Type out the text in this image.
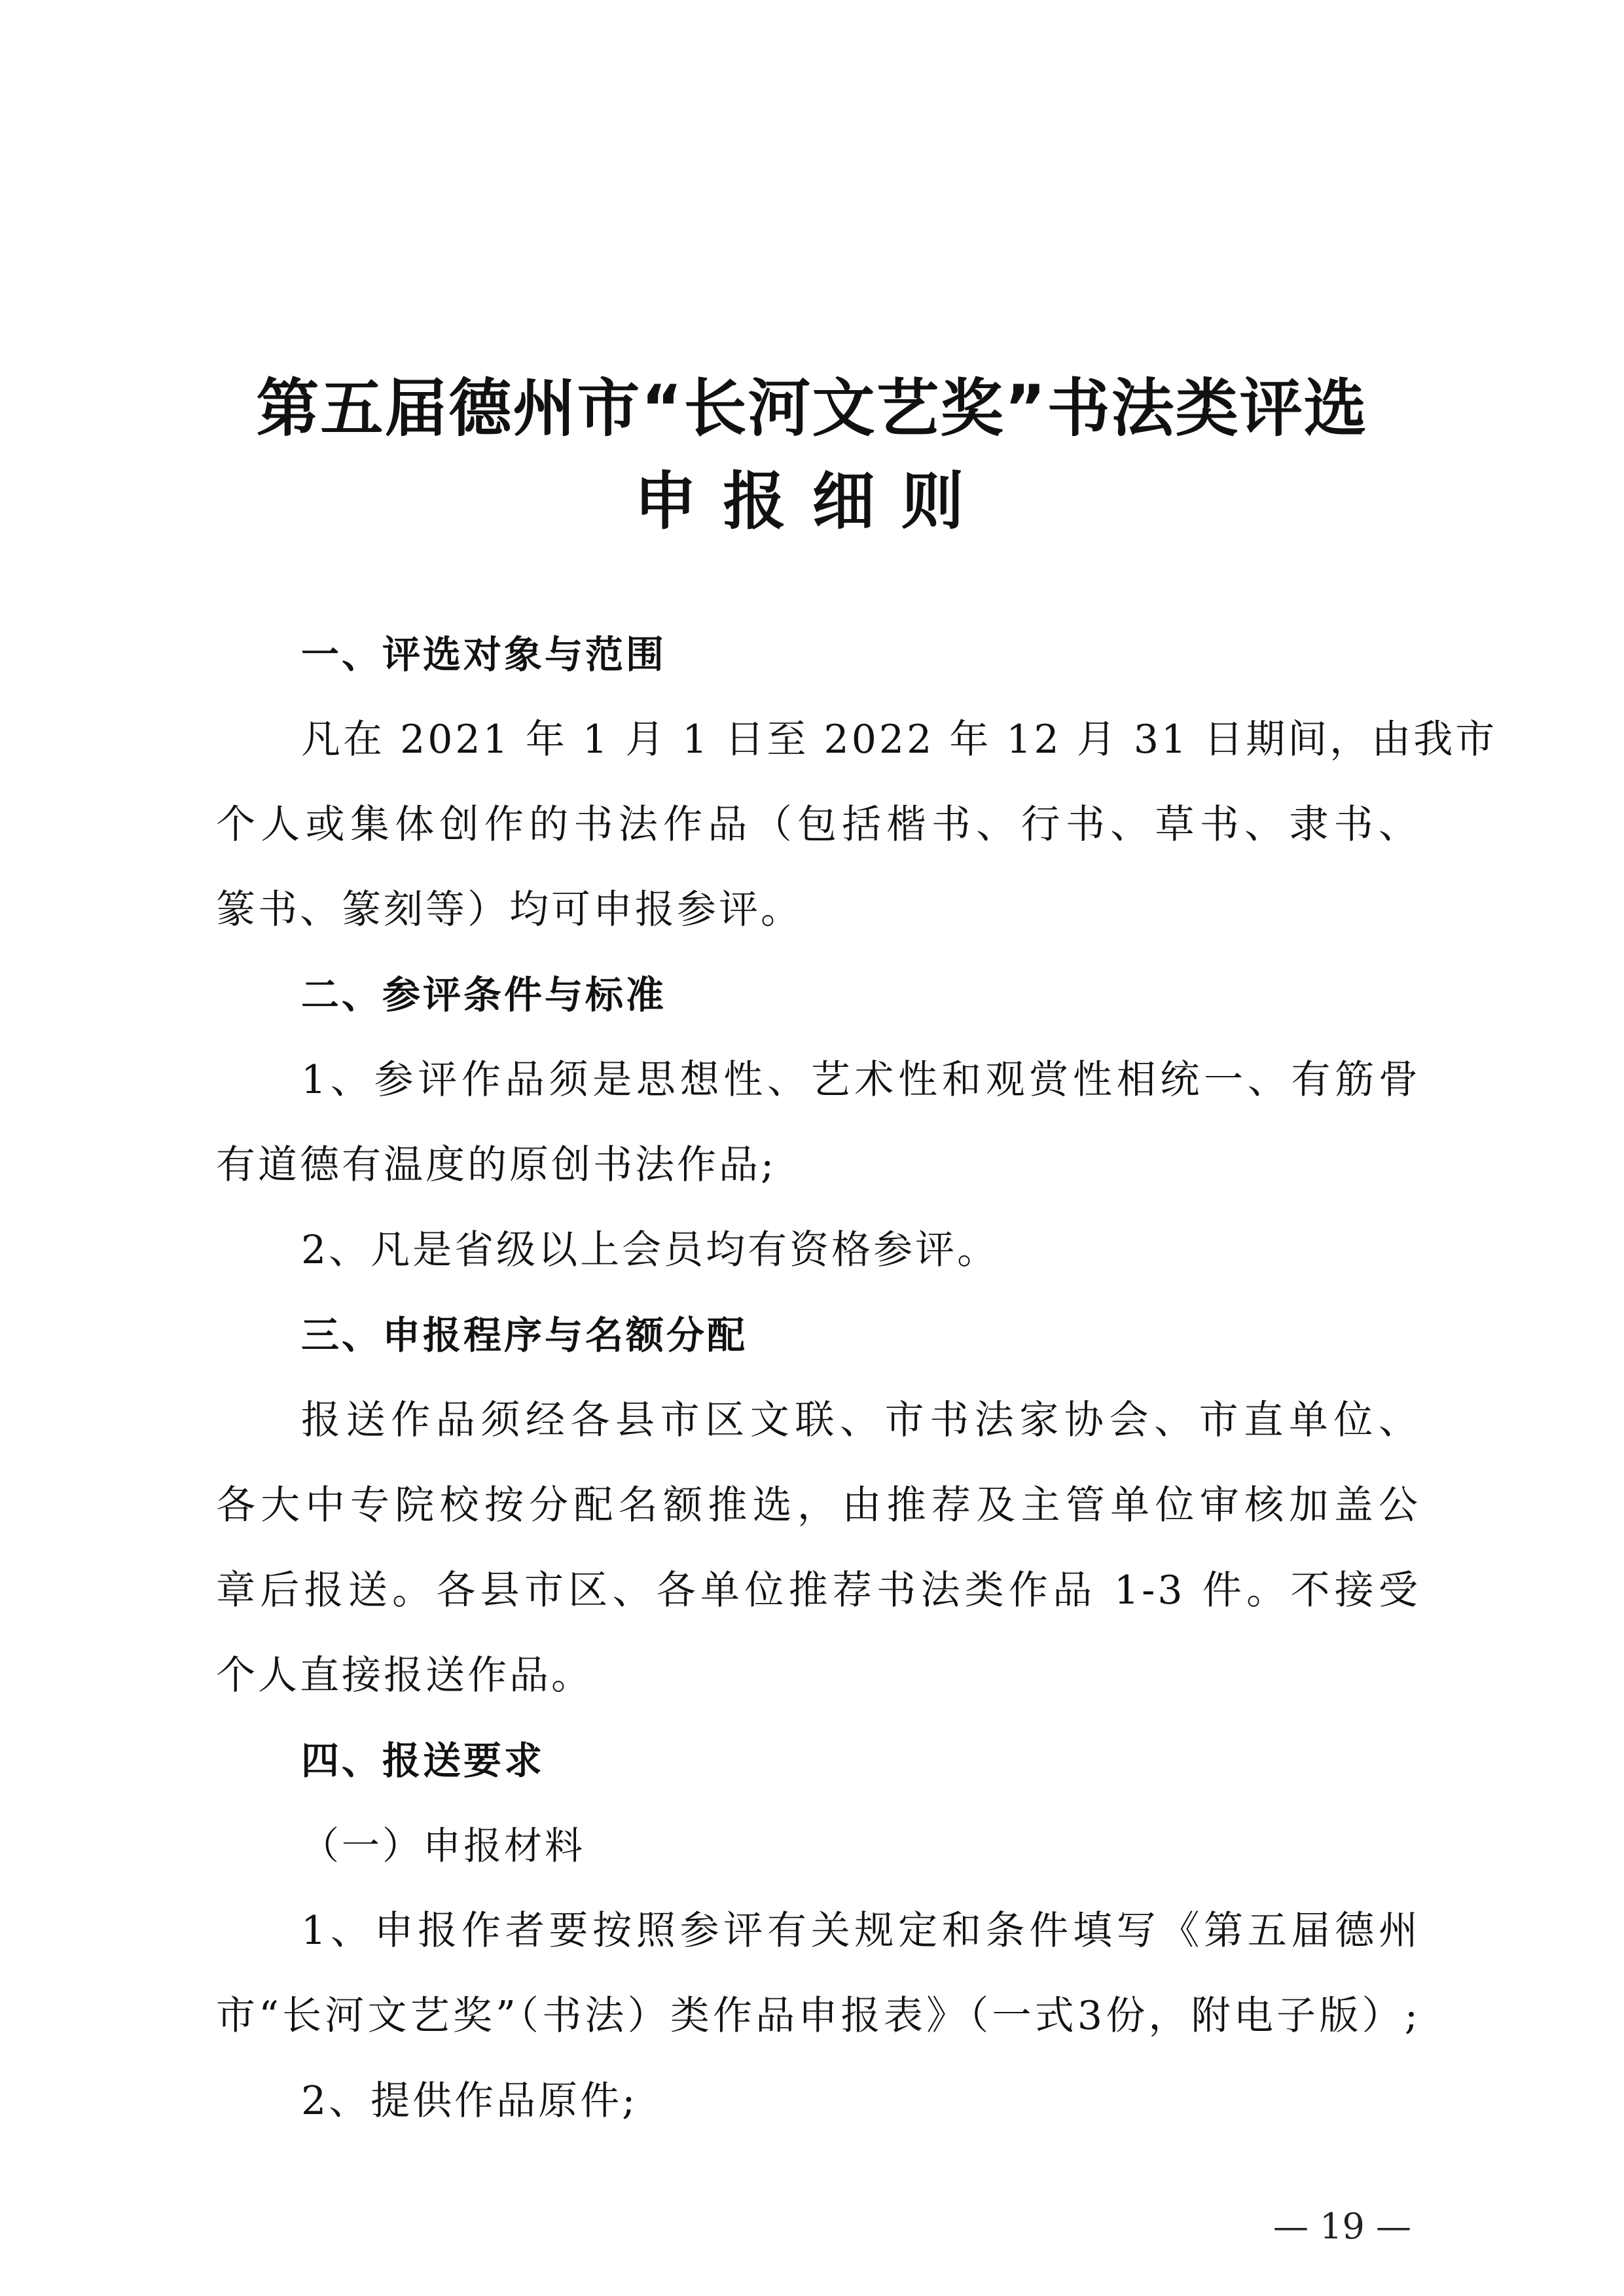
第五届德州市“长河文艺奖”书法类评选
申报细则
一、评选对象与范围
凡在 2021 年 1 月 1 日至 2022 年 12 月 31 日期间，由我市
个人或集体创作的书法作品（包括楷书、行书、草书、隶书、
篆书、篆刻等）均可申报参评。
二、参评条件与标准
1、参评作品须是思想性、艺术性和观赏性相统一、有筋骨
有道德有温度的原创书法作品;
2、凡是省级以上会员均有资格参评。
三、申报程序与名额分配
报送作品须经各县市区文联、市书法家协会、市直单位、
各大中专院校按分配名额推选，由推荐及主管单位审核加盖公
章后报送。各县市区、各单位推荐书法类作品 1-3 件。不接受
个人直接报送作品。
四、报送要求
（一）申报材料
1、申报作者要按照参评有关规定和条件填写《第五届德州
市“长河文艺奖”（书法）类作品申报表》（一式3份，附电子版）;
2、提供作品原件;
— 19 —
